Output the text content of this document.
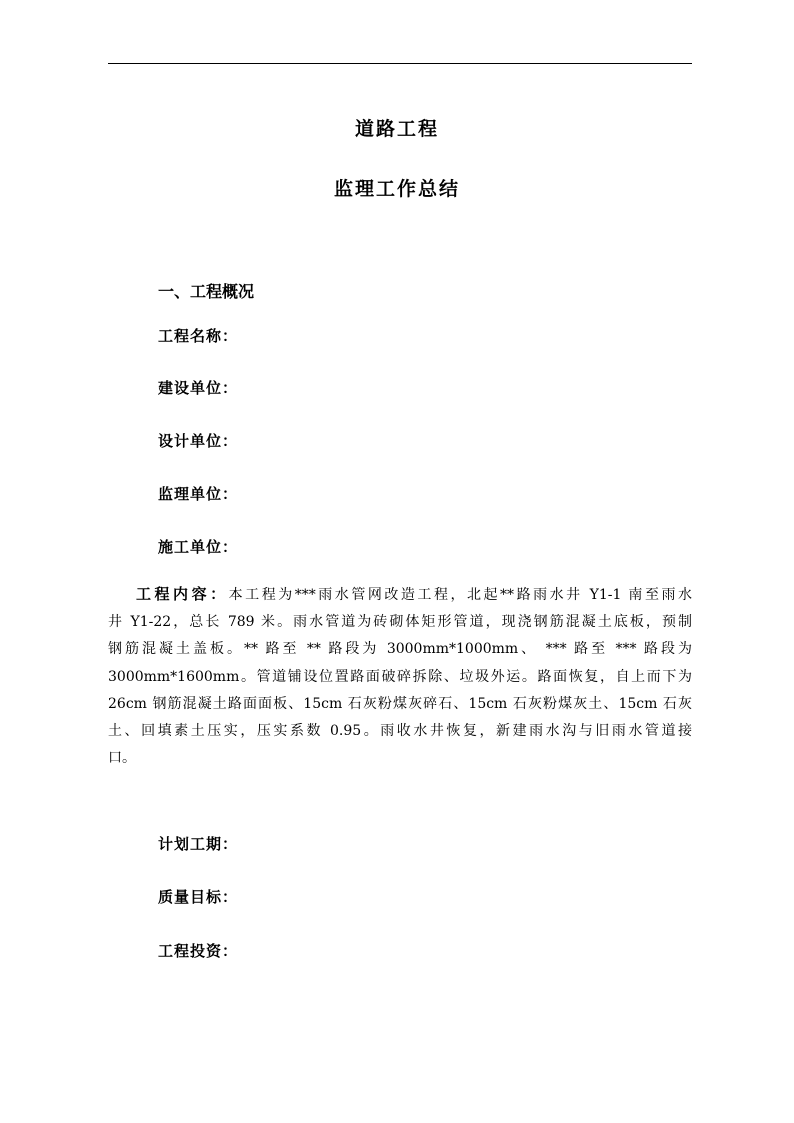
道路工程
监理工作总结
一、工程概况
工程名称：
建设单位：
设计单位：
监理单位：
施工单位：
工程内容：本工程为***雨水管网改造工程，北起**路雨水井 Y1-1 南至雨水
井 Y1-22，总长 789 米。雨水管道为砖砌体矩形管道，现浇钢筋混凝土底板，预制
钢筋混凝土盖板。** 路至 ** 路段为 3000mm*1000mm、 *** 路至 *** 路段为
3000mm*1600mm。管道铺设位置路面破碎拆除、垃圾外运。路面恢复，自上而下为
26cm 钢筋混凝土路面面板、15cm 石灰粉煤灰碎石、15cm 石灰粉煤灰土、15cm 石灰
土、回填素土压实，压实系数 0.95。雨收水井恢复，新建雨水沟与旧雨水管道接
口。
计划工期：
质量目标：
工程投资：
